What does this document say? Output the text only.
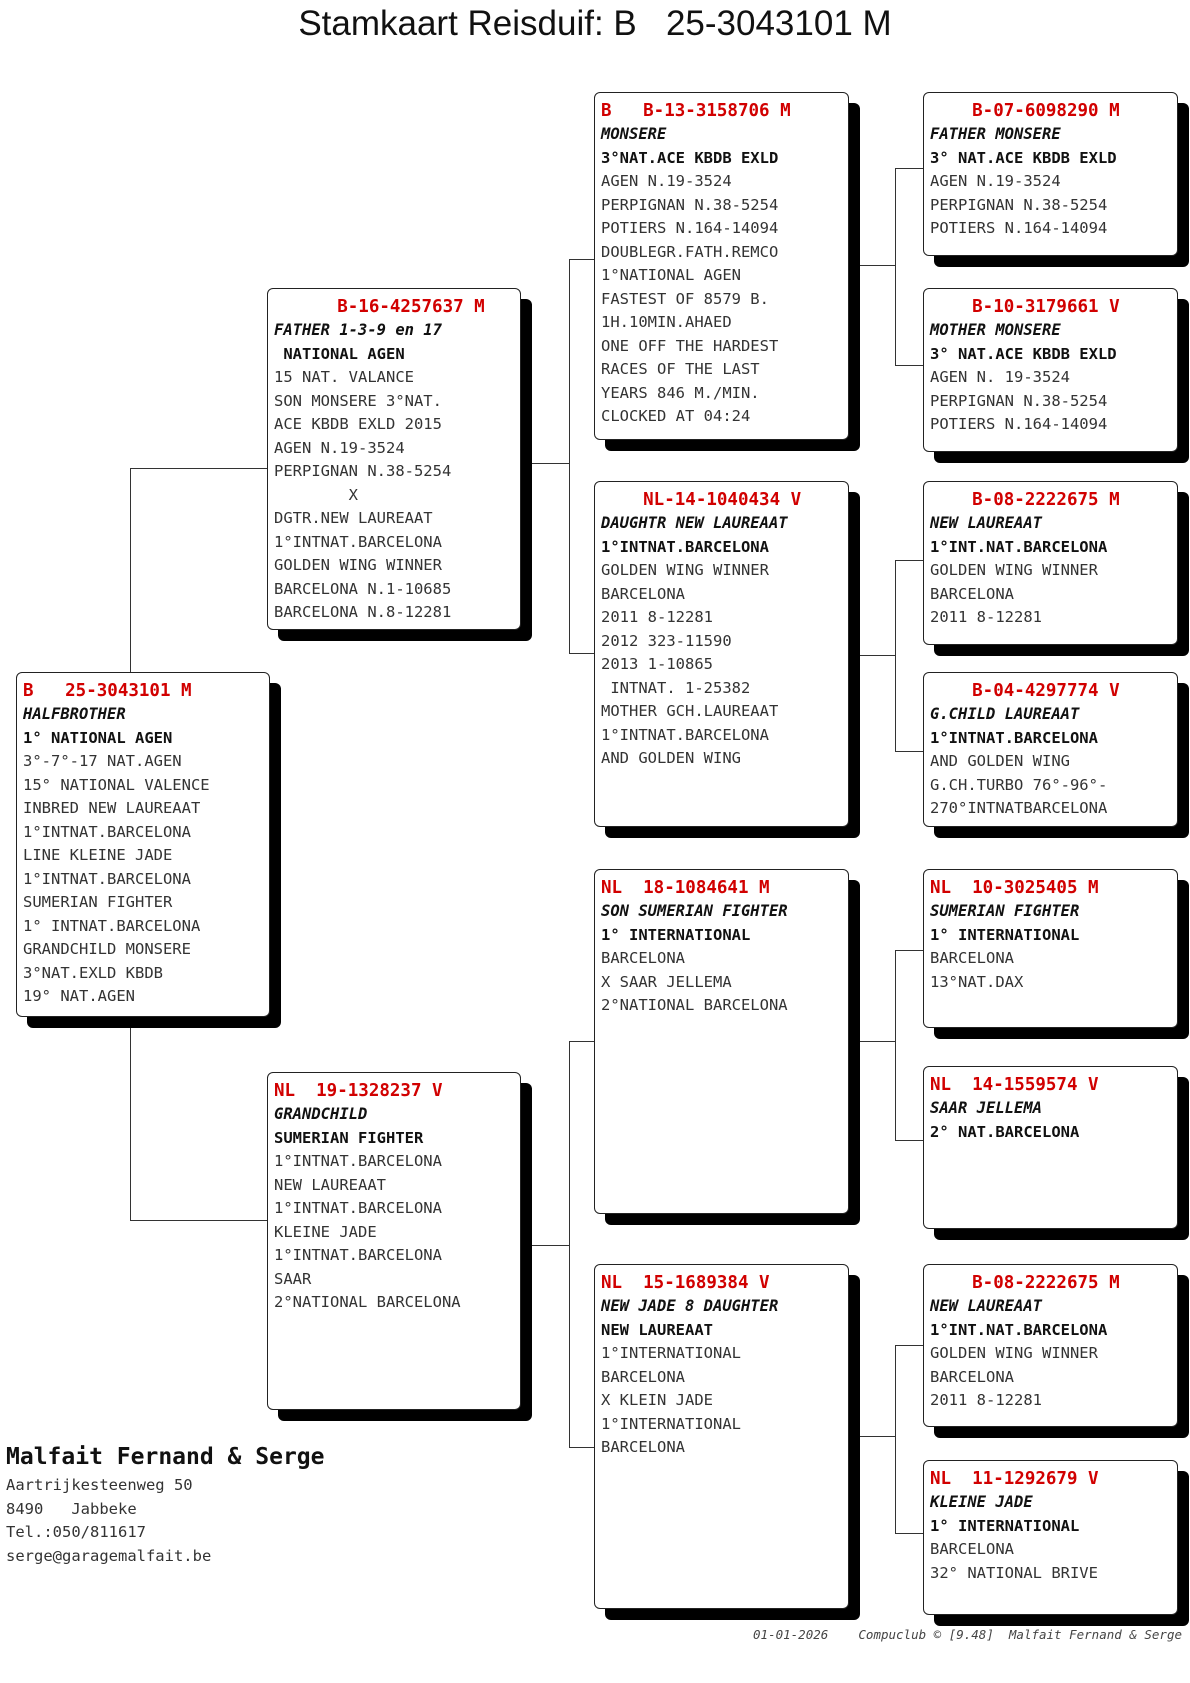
Stamkaart Reisduif: B   25-3043101 M
B   25-3043101 M
HALFBROTHER
1° NATIONAL AGEN
3°-7°-17 NAT.AGEN
15° NATIONAL VALENCE
INBRED NEW LAUREAAT
1°INTNAT.BARCELONA
LINE KLEINE JADE
1°INTNAT.BARCELONA
SUMERIAN FIGHTER
1° INTNAT.BARCELONA
GRANDCHILD MONSERE
3°NAT.EXLD KBDB
19° NAT.AGEN
B-16-4257637 M
FATHER 1-3-9 en 17
NATIONAL AGEN
15 NAT. VALANCE
SON MONSERE 3°NAT.
ACE KBDB EXLD 2015
AGEN N.19-3524
PERPIGNAN N.38-5254
X
DGTR.NEW LAUREAAT
1°INTNAT.BARCELONA
GOLDEN WING WINNER
BARCELONA N.1-10685
BARCELONA N.8-12281
NL  19-1328237 V
GRANDCHILD
SUMERIAN FIGHTER
1°INTNAT.BARCELONA
NEW LAUREAAT
1°INTNAT.BARCELONA
KLEINE JADE
1°INTNAT.BARCELONA
SAAR
2°NATIONAL BARCELONA
B   B-13-3158706 M
MONSERE
3°NAT.ACE KBDB EXLD
AGEN N.19-3524
PERPIGNAN N.38-5254
POTIERS N.164-14094
DOUBLEGR.FATH.REMCO
1°NATIONAL AGEN
FASTEST OF 8579 B.
1H.10MIN.AHAED
ONE OFF THE HARDEST
RACES OF THE LAST
YEARS 846 M./MIN.
CLOCKED AT 04:24
NL-14-1040434 V
DAUGHTR NEW LAUREAAT
1°INTNAT.BARCELONA
GOLDEN WING WINNER
BARCELONA
2011 8-12281
2012 323-11590
2013 1-10865
INTNAT. 1-25382
MOTHER GCH.LAUREAAT
1°INTNAT.BARCELONA
AND GOLDEN WING
NL  18-1084641 M
SON SUMERIAN FIGHTER
1° INTERNATIONAL
BARCELONA
X SAAR JELLEMA
2°NATIONAL BARCELONA
NL  15-1689384 V
NEW JADE 8 DAUGHTER
NEW LAUREAAT
1°INTERNATIONAL
BARCELONA
X KLEIN JADE
1°INTERNATIONAL
BARCELONA
B-07-6098290 M
FATHER MONSERE
3° NAT.ACE KBDB EXLD
AGEN N.19-3524
PERPIGNAN N.38-5254
POTIERS N.164-14094
B-10-3179661 V
MOTHER MONSERE
3° NAT.ACE KBDB EXLD
AGEN N. 19-3524
PERPIGNAN N.38-5254
POTIERS N.164-14094
B-08-2222675 M
NEW LAUREAAT
1°INT.NAT.BARCELONA
GOLDEN WING WINNER
BARCELONA
2011 8-12281
B-04-4297774 V
G.CHILD LAUREAAT
1°INTNAT.BARCELONA
AND GOLDEN WING
G.CH.TURBO 76°-96°-
270°INTNATBARCELONA
NL  10-3025405 M
SUMERIAN FIGHTER
1° INTERNATIONAL
BARCELONA
13°NAT.DAX
NL  14-1559574 V
SAAR JELLEMA
2° NAT.BARCELONA
B-08-2222675 M
NEW LAUREAAT
1°INT.NAT.BARCELONA
GOLDEN WING WINNER
BARCELONA
2011 8-12281
NL  11-1292679 V
KLEINE JADE
1° INTERNATIONAL
BARCELONA
32° NATIONAL BRIVE
Malfait Fernand & Serge
Aartrijkesteenweg 50
8490   Jabbeke
Tel.:050/811617
serge@garagemalfait.be
01-01-2026    Compuclub © [9.48]  Malfait Fernand & Serge
